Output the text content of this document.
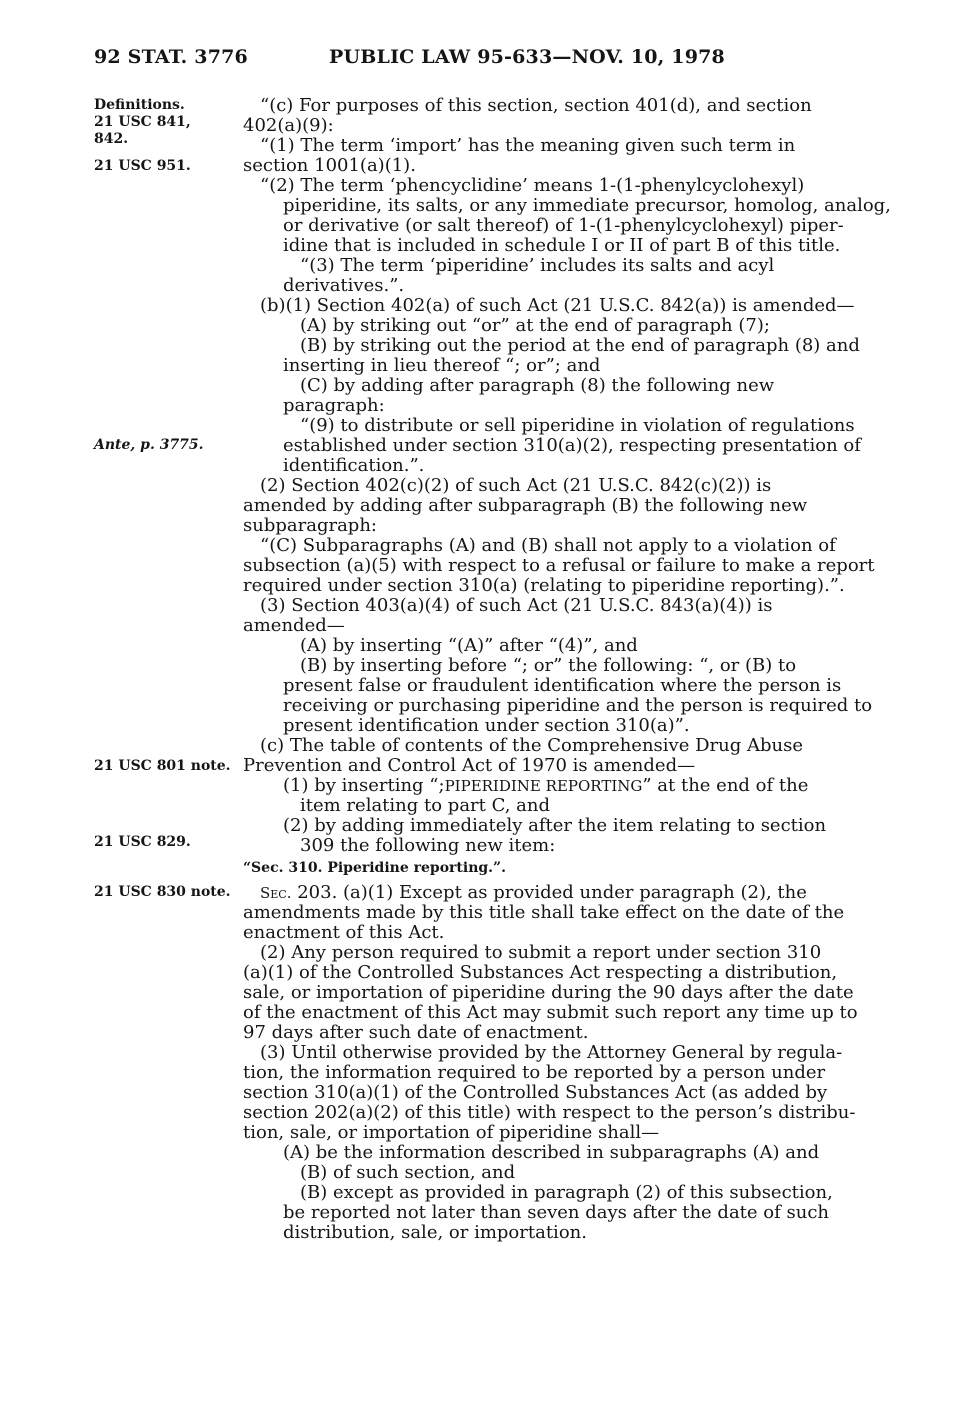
92 STAT. 3776	PUBLIC LAW 95-633—NOV. 10, 1978
Definitions.
21 USC 841,
842.
21 USC 951.
Ante, p. 3775.
21 USC 801 note.
21 USC 829.
21 USC 830 note.
“(c) For purposes of this section, section 401(d), and section
402(a)(9):
“(1) The term ‘import’ has the meaning given such term in
section 1001(a)(1).
“(2) The term ‘phencyclidine’ means 1-(1-phenylcyclohexyl)
piperidine, its salts, or any immediate precursor, homolog, analog,
or derivative (or salt thereof) of 1-(1-phenylcyclohexyl) piper-
idine that is included in schedule I or II of part B of this title.
“(3) The term ‘piperidine’ includes its salts and acyl
derivatives.”.
(b)(1) Section 402(a) of such Act (21 U.S.C. 842(a)) is amended—
(A) by striking out “or” at the end of paragraph (7);
(B) by striking out the period at the end of paragraph (8) and
inserting in lieu thereof “; or”; and
(C) by adding after paragraph (8) the following new
paragraph:
“(9) to distribute or sell piperidine in violation of regulations
established under section 310(a)(2), respecting presentation of
identification.”.
(2) Section 402(c)(2) of such Act (21 U.S.C. 842(c)(2)) is
amended by adding after subparagraph (B) the following new
subparagraph:
“(C) Subparagraphs (A) and (B) shall not apply to a violation of
subsection (a)(5) with respect to a refusal or failure to make a report
required under section 310(a) (relating to piperidine reporting).”.
(3) Section 403(a)(4) of such Act (21 U.S.C. 843(a)(4)) is
amended—
(A) by inserting “(A)” after “(4)”, and
(B) by inserting before “; or” the following: “, or (B) to
present false or fraudulent identification where the person is
receiving or purchasing piperidine and the person is required to
present identification under section 310(a)”.
(c) The table of contents of the Comprehensive Drug Abuse
Prevention and Control Act of 1970 is amended—
(1) by inserting “;PIPERIDINE REPORTING” at the end of the
item relating to part C, and
(2) by adding immediately after the item relating to section
309 the following new item:
“Sec. 310. Piperidine reporting.”.
Sec. 203. (a)(1) Except as provided under paragraph (2), the
amendments made by this title shall take effect on the date of the
enactment of this Act.
(2) Any person required to submit a report under section 310
(a)(1) of the Controlled Substances Act respecting a distribution,
sale, or importation of piperidine during the 90 days after the date
of the enactment of this Act may submit such report any time up to
97 days after such date of enactment.
(3) Until otherwise provided by the Attorney General by regula-
tion, the information required to be reported by a person under
section 310(a)(1) of the Controlled Substances Act (as added by
section 202(a)(2) of this title) with respect to the person’s distribu-
tion, sale, or importation of piperidine shall—
(A) be the information described in subparagraphs (A) and
(B) of such section, and
(B) except as provided in paragraph (2) of this subsection,
be reported not later than seven days after the date of such
distribution, sale, or importation.
